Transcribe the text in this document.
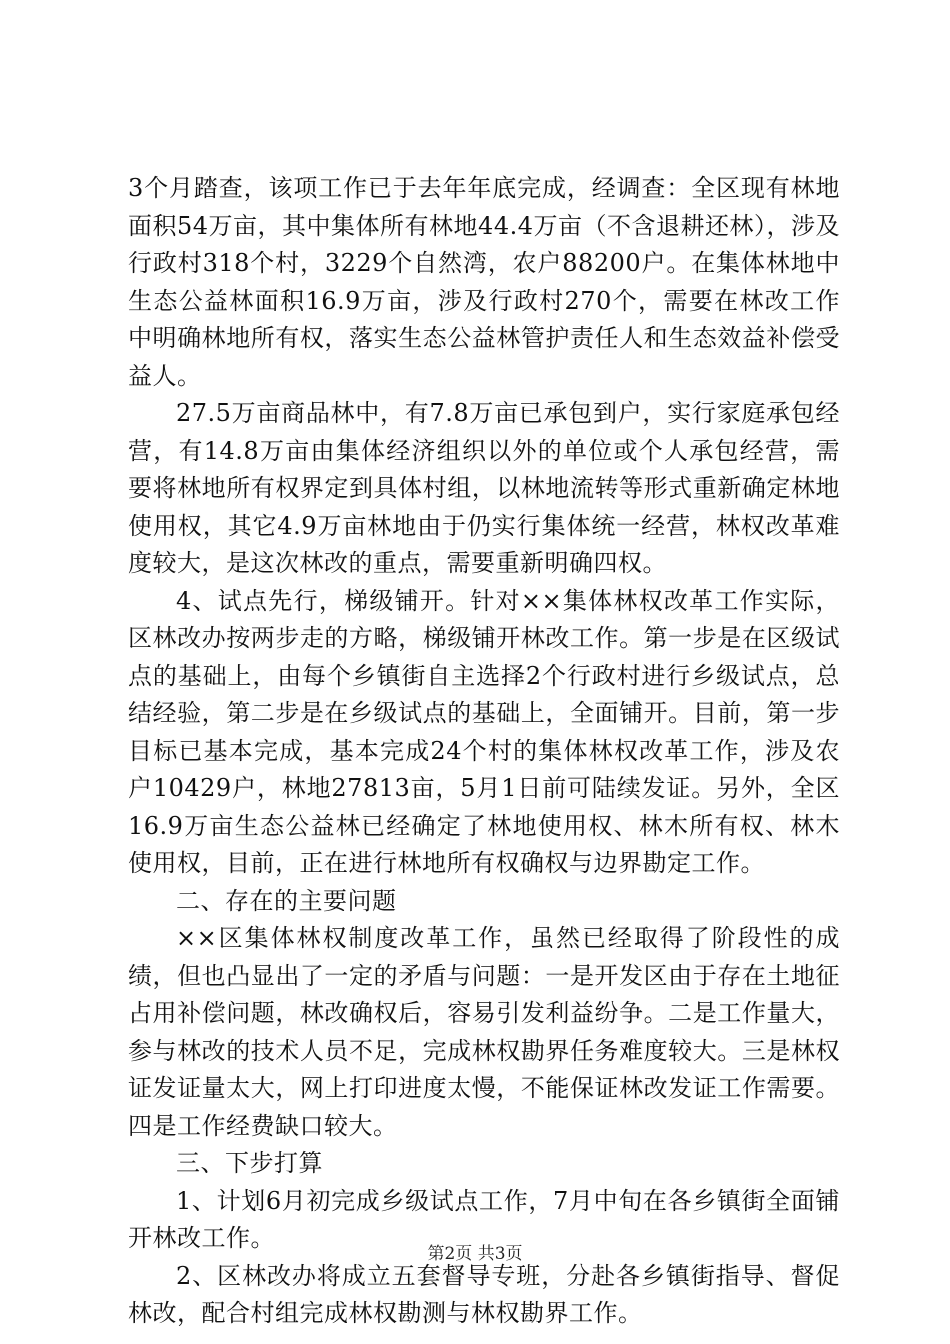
3个月踏查，该项工作已于去年年底完成，经调查：全区现有林地面积54万亩，其中集体所有林地44.4万亩（不含退耕还林），涉及行政村318个村，3229个自然湾，农户88200户。在集体林地中生态公益林面积16.9万亩，涉及行政村270个，需要在林改工作中明确林地所有权，落实生态公益林管护责任人和生态效益补偿受益人。

27.5万亩商品林中，有7.8万亩已承包到户，实行家庭承包经营，有14.8万亩由集体经济组织以外的单位或个人承包经营，需要将林地所有权界定到具体村组，以林地流转等形式重新确定林地使用权，其它4.9万亩林地由于仍实行集体统一经营，林权改革难度较大，是这次林改的重点，需要重新明确四权。

4、试点先行，梯级铺开。针对××集体林权改革工作实际，区林改办按两步走的方略，梯级铺开林改工作。第一步是在区级试点的基础上，由每个乡镇街自主选择2个行政村进行乡级试点，总结经验，第二步是在乡级试点的基础上，全面铺开。目前，第一步目标已基本完成，基本完成24个村的集体林权改革工作，涉及农户10429户，林地27813亩，5月1日前可陆续发证。另外，全区16.9万亩生态公益林已经确定了林地使用权、林木所有权、林木使用权，目前，正在进行林地所有权确权与边界勘定工作。

二、存在的主要问题

××区集体林权制度改革工作，虽然已经取得了阶段性的成绩，但也凸显出了一定的矛盾与问题：一是开发区由于存在土地征占用补偿问题，林改确权后，容易引发利益纷争。二是工作量大，参与林改的技术人员不足，完成林权勘界任务难度较大。三是林权证发证量太大，网上打印进度太慢，不能保证林改发证工作需要。四是工作经费缺口较大。

三、下步打算

1、计划6月初完成乡级试点工作，7月中旬在各乡镇街全面铺开林改工作。

2、区林改办将成立五套督导专班，分赴各乡镇街指导、督促林改，配合村组完成林权勘测与林权勘界工作。

第2页 共3页
